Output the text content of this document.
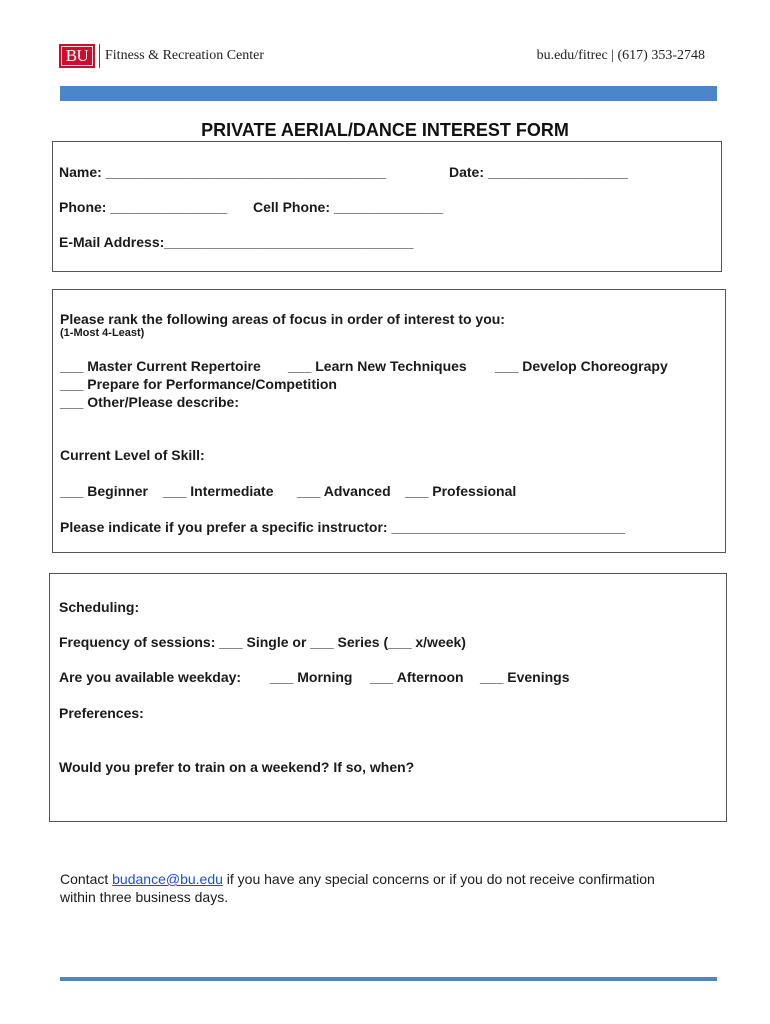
BU	Fitness & Recreation Center	bu.edu/fitrec | (617) 353-2748
PRIVATE AERIAL/DANCE INTEREST FORM
Name: ____________________________________	Date: __________________
Phone: _______________ Cell Phone: ______________
E-Mail Address:________________________________
Please rank the following areas of focus in order of interest to you:
(1-Most 4-Least)
___ Master Current Repertoire ___ Learn New Techniques ___ Develop Choreograpy
___ Prepare for Performance/Competition
___ Other/Please describe:
Current Level of Skill:
___ Beginner ___ Intermediate ___ Advanced ___ Professional
Please indicate if you prefer a specific instructor: ______________________________
Scheduling:
Frequency of sessions: ___ Single or ___ Series (___ x/week)
Are you available weekday: ___ Morning ___ Afternoon ___ Evenings
Preferences:
Would you prefer to train on a weekend? If so, when?
Contact budance@bu.edu if you have any special concerns or if you do not receive confirmation
within three business days.
